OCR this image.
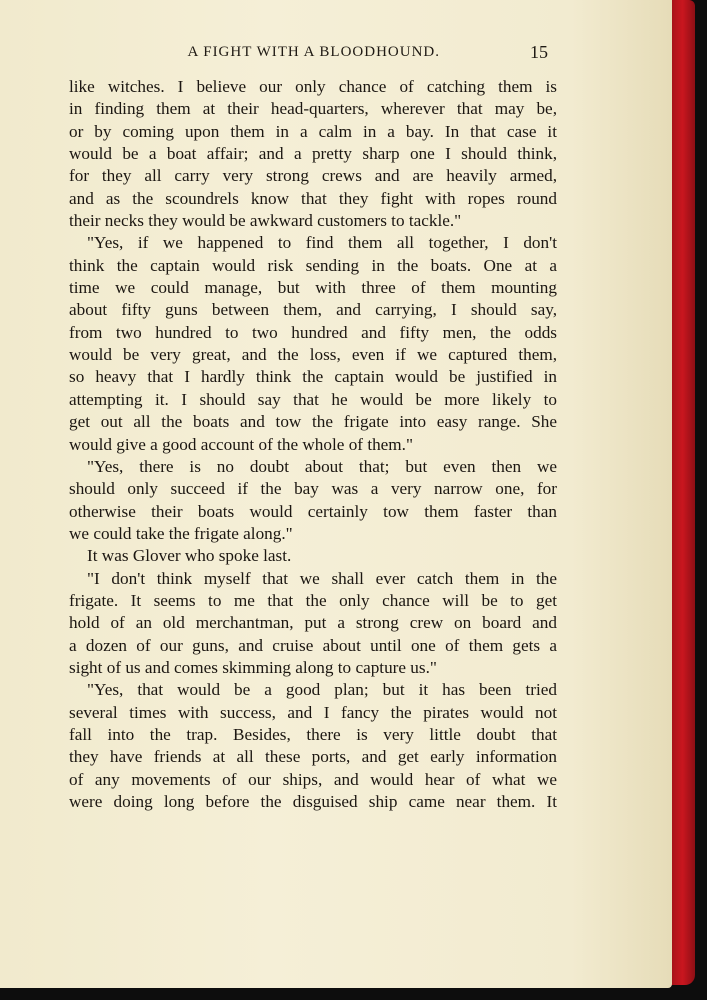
A FIGHT WITH A BLOODHOUND.	15
like witches. I believe our only chance of catching them is
in finding them at their head-quarters, wherever that may be,
or by coming upon them in a calm in a bay. In that case it
would be a boat affair; and a pretty sharp one I should think,
for they all carry very strong crews and are heavily armed,
and as the scoundrels know that they fight with ropes round
their necks they would be awkward customers to tackle."
"Yes, if we happened to find them all together, I don't
think the captain would risk sending in the boats. One at a
time we could manage, but with three of them mounting
about fifty guns between them, and carrying, I should say,
from two hundred to two hundred and fifty men, the odds
would be very great, and the loss, even if we captured them,
so heavy that I hardly think the captain would be justified in
attempting it. I should say that he would be more likely to
get out all the boats and tow the frigate into easy range. She
would give a good account of the whole of them."
"Yes, there is no doubt about that; but even then we
should only succeed if the bay was a very narrow one, for
otherwise their boats would certainly tow them faster than
we could take the frigate along."
It was Glover who spoke last.
"I don't think myself that we shall ever catch them in the
frigate. It seems to me that the only chance will be to get
hold of an old merchantman, put a strong crew on board and
a dozen of our guns, and cruise about until one of them gets a
sight of us and comes skimming along to capture us."
"Yes, that would be a good plan; but it has been tried
several times with success, and I fancy the pirates would not
fall into the trap. Besides, there is very little doubt that
they have friends at all these ports, and get early information
of any movements of our ships, and would hear of what we
were doing long before the disguised ship came near them. It
